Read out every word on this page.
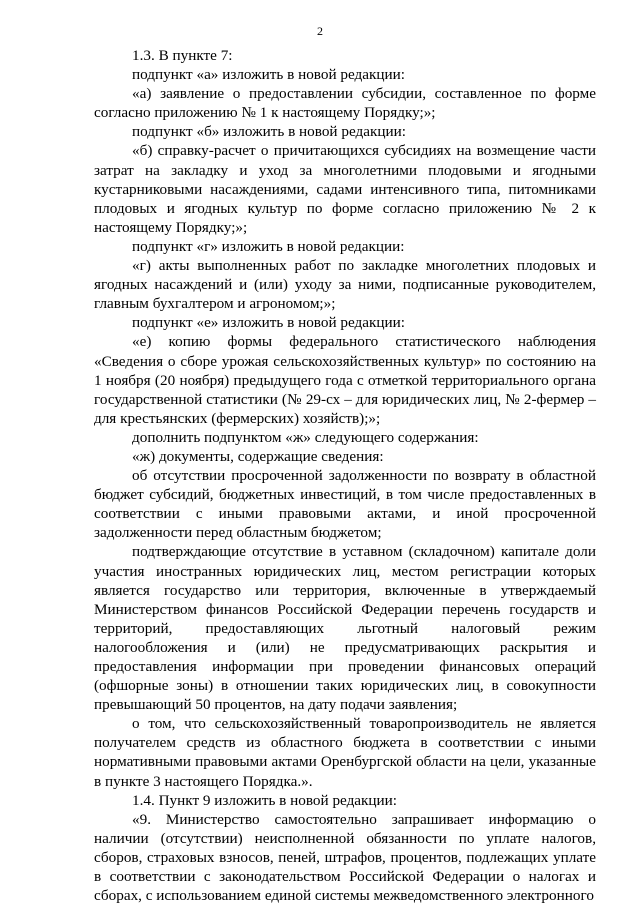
2

1.3. В пункте 7:

подпункт «а» изложить в новой редакции:

«а) заявление о предоставлении субсидии, составленное по форме согласно приложению № 1 к настоящему Порядку;»;

подпункт «б» изложить в новой редакции:

«б) справку-расчет о причитающихся субсидиях на возмещение части затрат на закладку и уход за многолетними плодовыми и ягодными кустарниковыми насаждениями, садами интенсивного типа, питомниками плодовых и ягодных культур по форме согласно приложению № 2 к настоящему Порядку;»;

подпункт «г» изложить в новой редакции:

«г) акты выполненных работ по закладке многолетних плодовых и ягодных насаждений и (или) уходу за ними, подписанные руководителем, главным бухгалтером и агрономом;»;

подпункт «е» изложить в новой редакции:

«е) копию формы федерального статистического наблюдения «Сведения о сборе урожая сельскохозяйственных культур» по состоянию на 1 ноября (20 ноября) предыдущего года с отметкой территориального органа государственной статистики (№ 29-сх – для юридических лиц, № 2-фермер – для крестьянских (фермерских) хозяйств);»;

дополнить подпунктом «ж» следующего содержания:

«ж) документы, содержащие сведения:

об отсутствии просроченной задолженности по возврату в областной бюджет субсидий, бюджетных инвестиций, в том числе предоставленных в соответствии с иными правовыми актами, и иной просроченной задолженности перед областным бюджетом;

подтверждающие отсутствие в уставном (складочном) капитале доли участия иностранных юридических лиц, местом регистрации которых является государство или территория, включенные в утверждаемый Министерством финансов Российской Федерации перечень государств и территорий, предоставляющих льготный налоговый режим налогообложения и (или) не предусматривающих раскрытия и предоставления информации при проведении финансовых операций (офшорные зоны) в отношении таких юридических лиц, в совокупности превышающий 50 процентов, на дату подачи заявления;

о том, что сельскохозяйственный товаропроизводитель не является получателем средств из областного бюджета в соответствии с иными нормативными правовыми актами Оренбургской области на цели, указанные в пункте 3 настоящего Порядка.».

1.4. Пункт 9 изложить в новой редакции:

«9. Министерство самостоятельно запрашивает информацию о наличии (отсутствии) неисполненной обязанности по уплате налогов, сборов, страховых взносов, пеней, штрафов, процентов, подлежащих уплате в соответствии с законодательством Российской Федерации о налогах и сборах, с использованием единой системы межведомственного электронного
